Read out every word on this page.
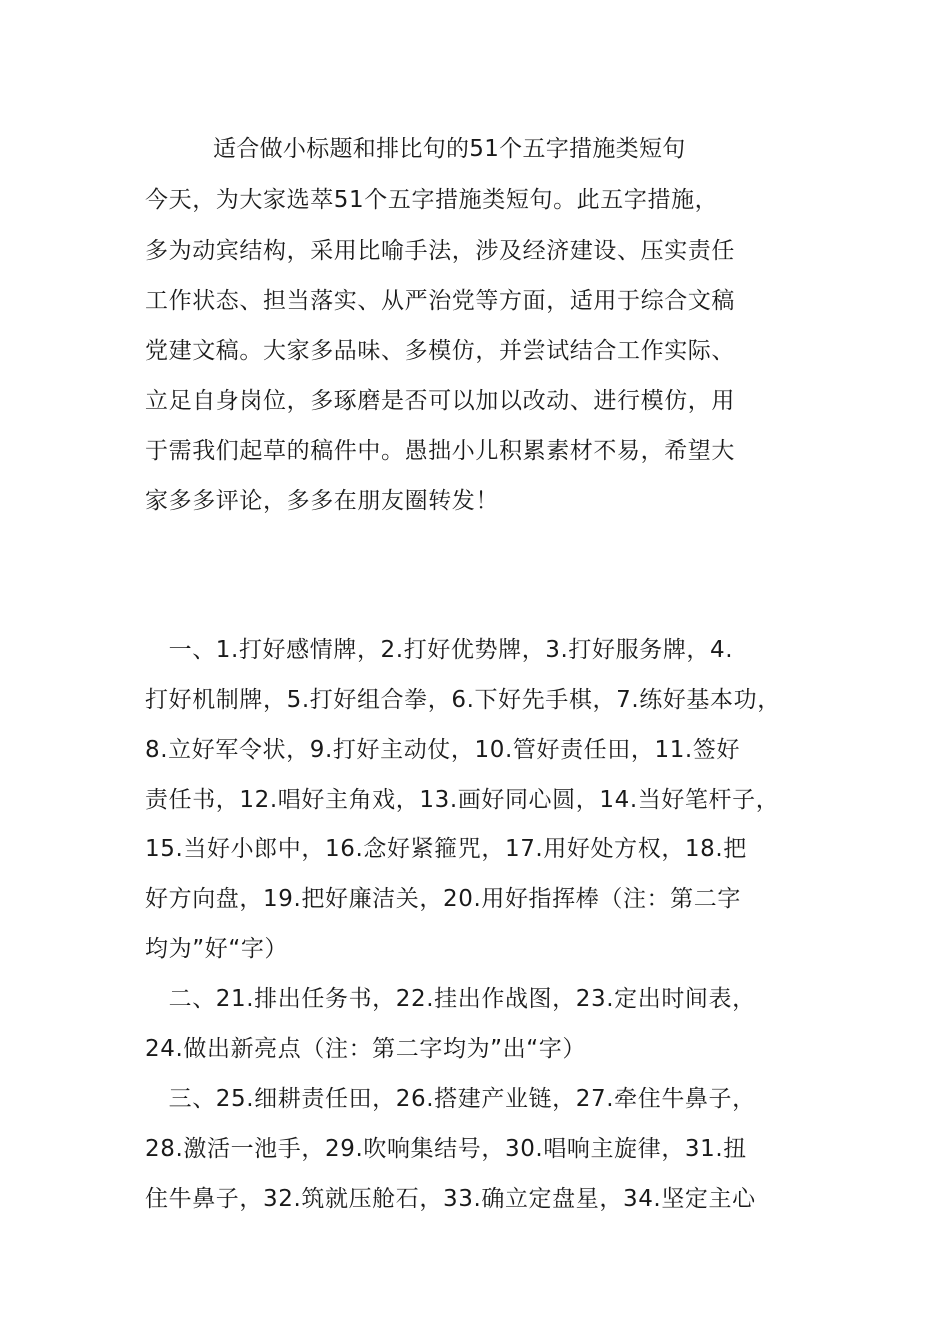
适合做小标题和排比句的51个五字措施类短句
今天，为大家选萃51个五字措施类短句。此五字措施，
多为动宾结构，采用比喻手法，涉及经济建设、压实责任
工作状态、担当落实、从严治党等方面，适用于综合文稿
党建文稿。大家多品味、多模仿，并尝试结合工作实际、
立足自身岗位，多琢磨是否可以加以改动、进行模仿，用
于需我们起草的稿件中。愚拙小儿积累素材不易，希望大
家多多评论，多多在朋友圈转发！
　一、1.打好感情牌，2.打好优势牌，3.打好服务牌，4.
打好机制牌，5.打好组合拳，6.下好先手棋，7.练好基本功，
8.立好军令状，9.打好主动仗，10.管好责任田，11.签好
责任书，12.唱好主角戏，13.画好同心圆，14.当好笔杆子，
15.当好小郎中，16.念好紧箍咒，17.用好处方权，18.把
好方向盘，19.把好廉洁关，20.用好指挥棒（注：第二字
均为”好“字）
　二、21.排出任务书，22.挂出作战图，23.定出时间表，
24.做出新亮点（注：第二字均为”出“字）
　三、25.细耕责任田，26.搭建产业链，27.牵住牛鼻子，
28.激活一池手，29.吹响集结号，30.唱响主旋律，31.扭
住牛鼻子，32.筑就压舱石，33.确立定盘星，34.坚定主心
